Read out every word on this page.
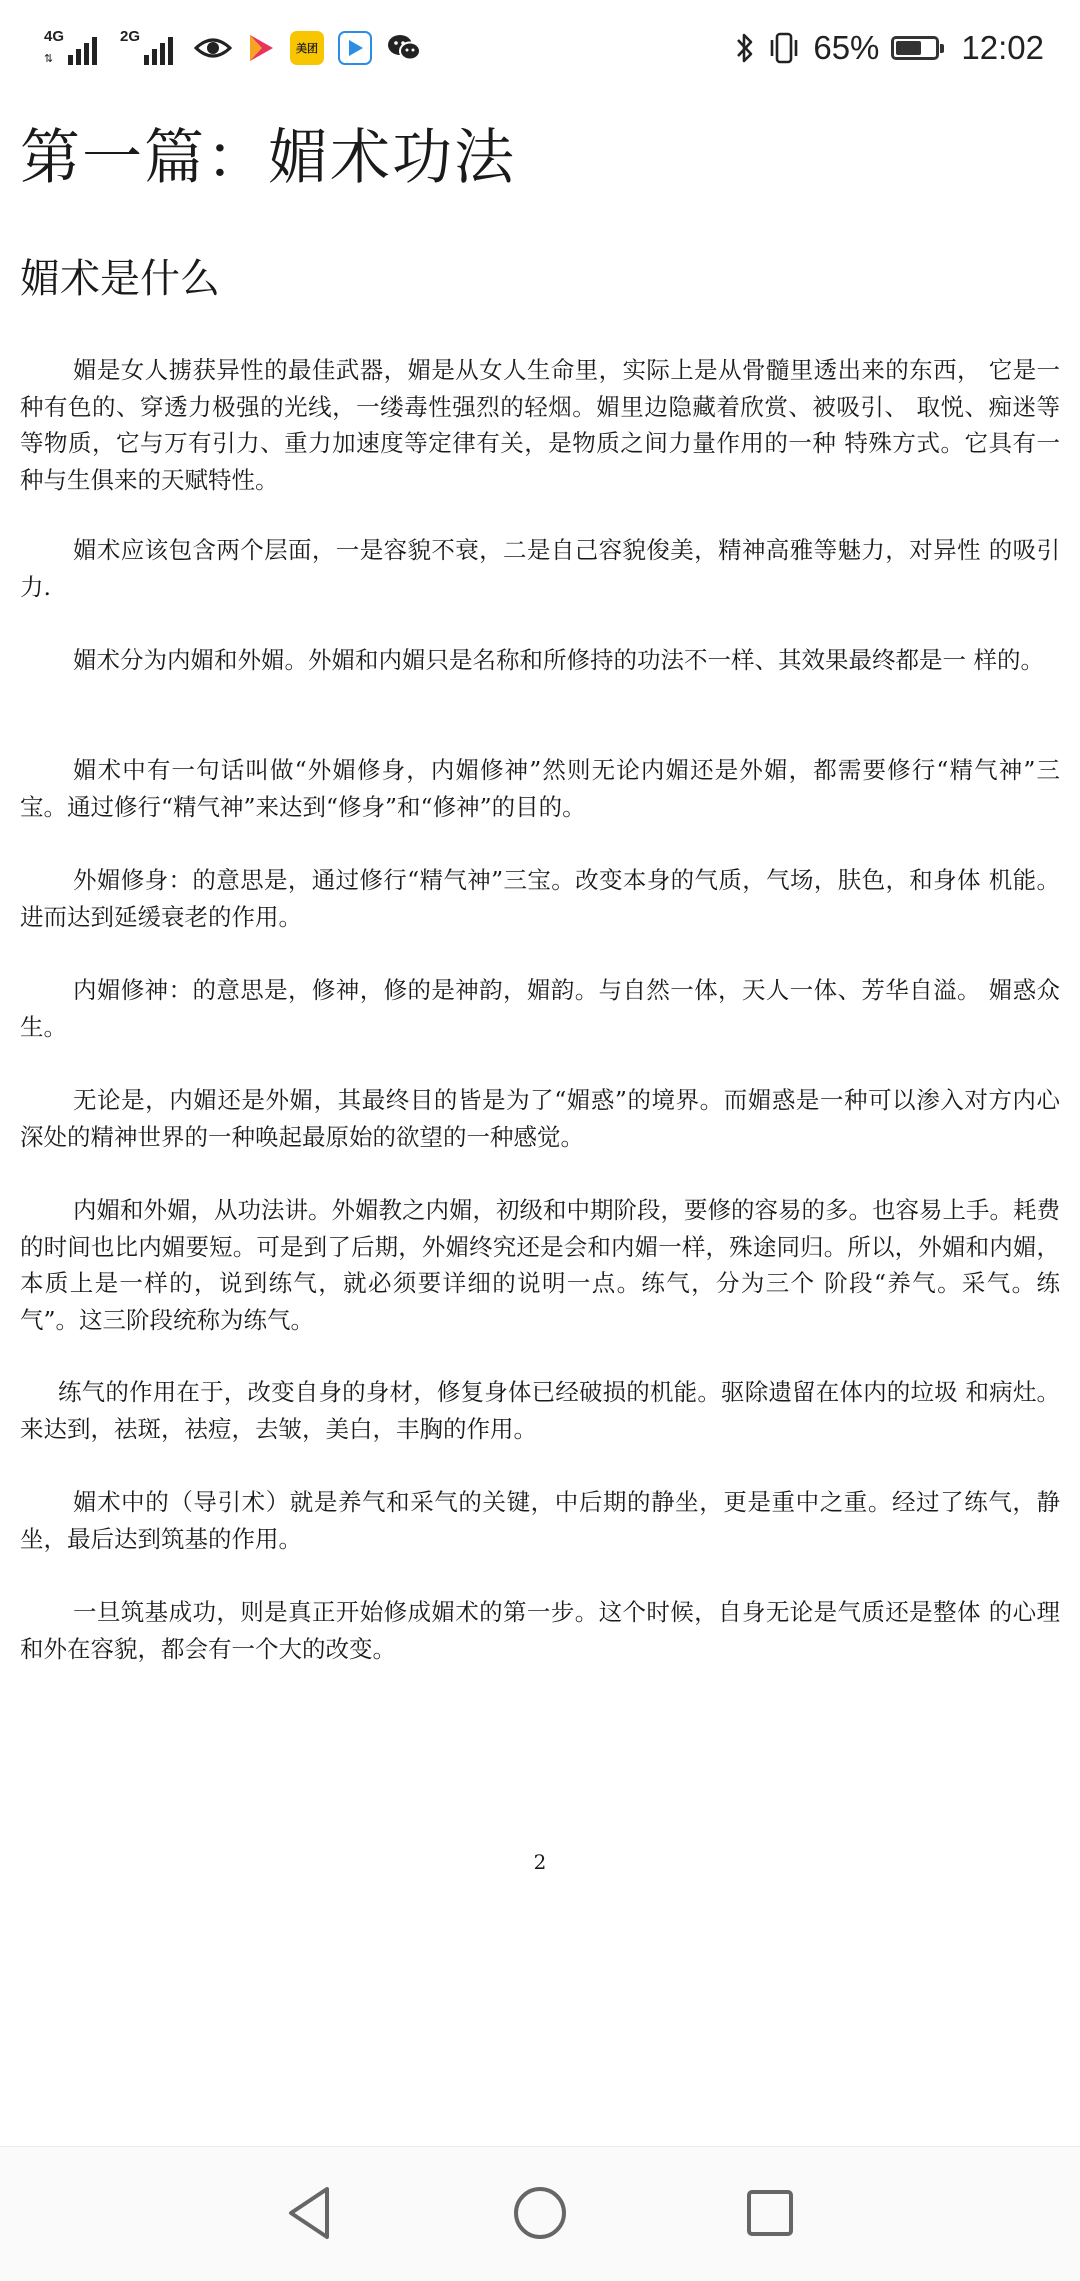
4G
⇅
2G
美团	65% 12:02
第一篇：媚术功法
媚术是什么

媚是女人掳获异性的最佳武器，媚是从女人生命里，实际上是从骨髓里透出来的东西， 它是一种有色的、穿透力极强的光线，一缕毒性强烈的轻烟。媚里边隐藏着欣赏、被吸引、 取悦、痴迷等等物质，它与万有引力、重力加速度等定律有关，是物质之间力量作用的一种 特殊方式。它具有一种与生俱来的天赋特性。

媚术应该包含两个层面，一是容貌不衰，二是自己容貌俊美，精神高雅等魅力，对异性 的吸引力.

媚术分为内媚和外媚。外媚和内媚只是名称和所修持的功法不一样、其效果最终都是一 样的。

媚术中有一句话叫做“外媚修身，内媚修神”然则无论内媚还是外媚，都需要修行“精气神”三宝。通过修行“精气神”来达到“修身”和“修神”的目的。

外媚修身：的意思是，通过修行“精气神”三宝。改变本身的气质，气场，肤色，和身体 机能。进而达到延缓衰老的作用。

内媚修神：的意思是，修神，修的是神韵，媚韵。与自然一体，天人一体、芳华自溢。 媚惑众生。

无论是，内媚还是外媚，其最终目的皆是为了“媚惑”的境界。而媚惑是一种可以渗入对方内心深处的精神世界的一种唤起最原始的欲望的一种感觉。

内媚和外媚，从功法讲。外媚教之内媚，初级和中期阶段，要修的容易的多。也容易上手。耗费的时间也比内媚要短。可是到了后期，外媚终究还是会和内媚一样，殊途同归。所以，外媚和内媚，本质上是一样的，说到练气，就必须要详细的说明一点。练气，分为三个 阶段“养气。采气。练气”。这三阶段统称为练气。

练气的作用在于，改变自身的身材，修复身体已经破损的机能。驱除遗留在体内的垃圾 和病灶。来达到，祛斑，祛痘，去皱，美白，丰胸的作用。

媚术中的（导引术）就是养气和采气的关键，中后期的静坐，更是重中之重。经过了练气，静坐，最后达到筑基的作用。

一旦筑基成功，则是真正开始修成媚术的第一步。这个时候，自身无论是气质还是整体 的心理和外在容貌，都会有一个大的改变。

2
